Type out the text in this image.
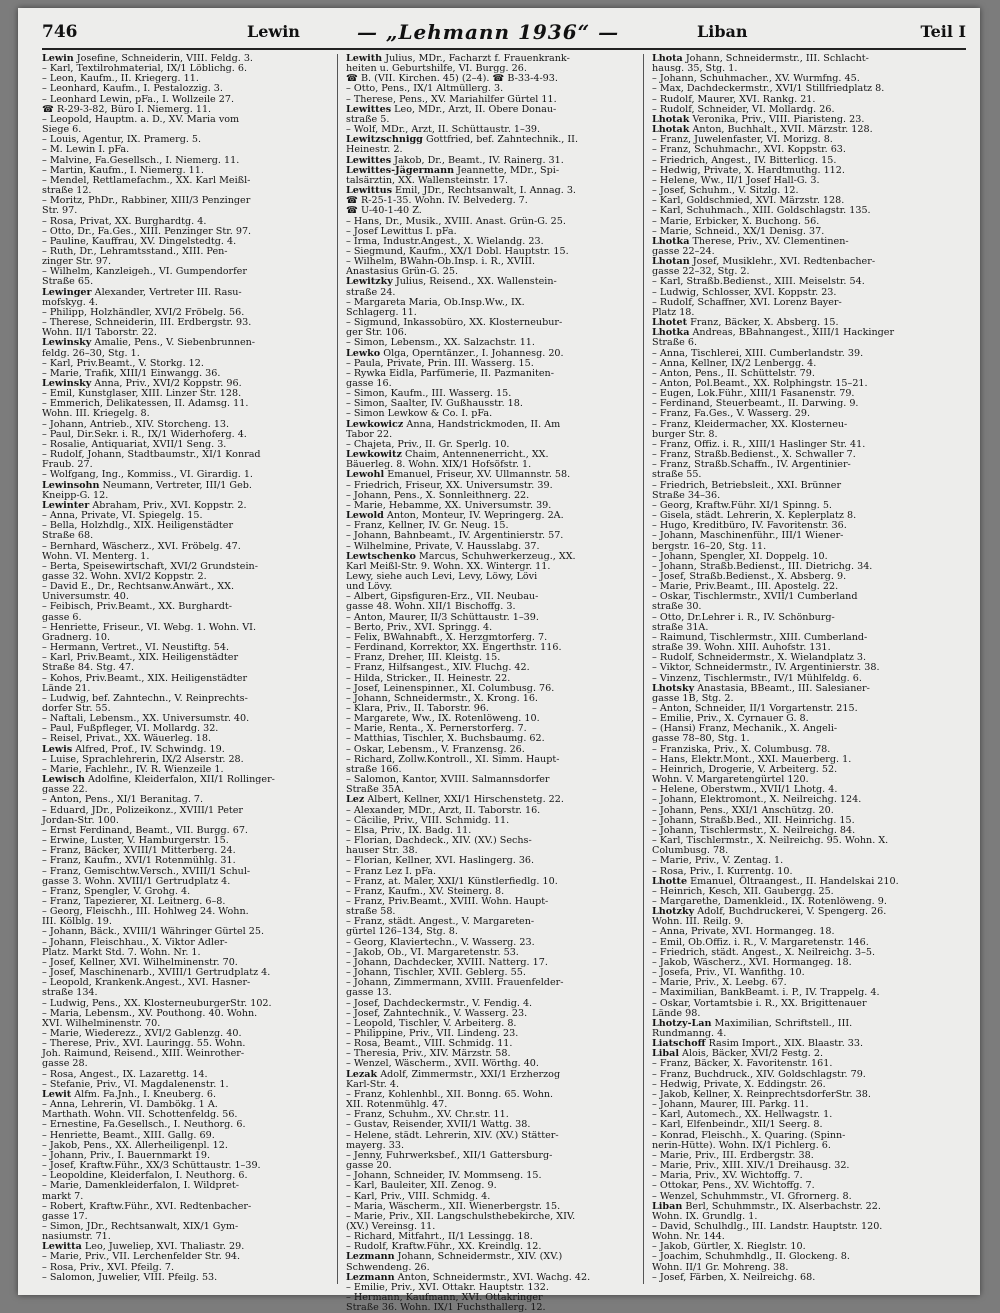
746	Lewin	— „Lehmann 1936“ —	Liban	Teil I
Lewin Josefine, Schneiderin, VIII. Feldg. 3.
– Karl, Textilrohmaterial, IX/1 Löblichg. 6.
– Leon, Kaufm., II. Kriegerg. 11.
– Leonhard, Kaufm., I. Pestalozzig. 3.
– Leonhard Lewin, pFa., I. Wollzeile 27.
☎ R-29-3-82, Büro I. Niemerg. 11.
– Leopold, Hauptm. a. D., XV. Maria vom
Siege 6.
– Louis, Agentur, IX. Pramerg. 5.
– M. Lewin I. pFa.
– Malvine, Fa.Gesellsch., I. Niemerg. 11.
– Martin, Kaufm., I. Niemerg. 11.
– Mendel, Rettlamefachm., XX. Karl Meißl-
straße 12.
– Moritz, PhDr., Rabbiner, XIII/3 Penzinger
Str. 97.
– Rosa, Privat, XX. Burghardtg. 4.
– Otto, Dr., Fa.Ges., XIII. Penzinger Str. 97.
– Pauline, Kauffrau, XV. Dingelstedtg. 4.
– Ruth, Dr., Lehramtsstand., XIII. Pen-
zinger Str. 97.
– Wilhelm, Kanzleigeh., VI. Gumpendorfer
Straße 65.
Lewinger Alexander, Vertreter III. Rasu-
mofskyg. 4.
– Philipp, Holzhändler, XVI/2 Fröbelg. 56.
– Therese, Schneiderin, III. Erdbergstr. 93.
Wohn. II/1 Taborstr. 22.
Lewinsky Amalie, Pens., V. Siebenbrunnen-
feldg. 26–30, Stg. 1.
– Karl, Priv.Beamt., V. Storkg. 12.
– Marie, Trafik, XIII/1 Einwangg. 36.
Lewinsky Anna, Priv., XVI/2 Koppstr. 96.
– Emil, Kunstglaser, XIII. Linzer Str. 128.
– Emmerich, Delikatessen, II. Adamsg. 11.
Wohn. III. Kriegelg. 8.
– Johann, Antrieb., XIV. Storcheng. 13.
– Paul, Dir.Sekr. i. R., IX/1 Widerhoferg. 4.
– Rosalie, Antiquariat, XVII/1 Seng. 3.
– Rudolf, Johann, Stadtbaumstr., XI/1 Konrad
Fraub. 27.
– Wolfgang, Ing., Kommiss., VI. Girardig. 1.
Lewinsohn Neumann, Vertreter, III/1 Geb.
Kneipp-G. 12.
Lewinter Abraham, Priv., XVI. Koppstr. 2.
– Anna, Private, VI. Spiegelg. 15.
– Bella, Holzhdlg., XIX. Heiligenstädter
Straße 68.
– Bernhard, Wäscherz., XVI. Fröbelg. 47.
Wohn. VI. Menterg. 1.
– Berta, Speisewirtschaft, XVI/2 Grundstein-
gasse 32. Wohn. XVI/2 Koppstr. 2.
– David E., Dr., Rechtsanw.Anwärt., XX.
Universumstr. 40.
– Feibisch, Priv.Beamt., XX. Burghardt-
gasse 6.
– Henriette, Friseur., VI. Webg. 1. Wohn. VI.
Gradnerg. 10.
– Hermann, Vertret., VI. Neustiftg. 54.
– Karl, Priv.Beamt., XIX. Heiligenstädter
Straße 84. Stg. 47.
– Kohos, Priv.Beamt., XIX. Heiligenstädter
Lände 21.
– Ludwig, bef. Zahntechn., V. Reinprechts-
dorfer Str. 55.
– Naftali, Lebensm., XX. Universumstr. 40.
– Paul, Fußpfleger, VI. Mollardg. 32.
– Reisel, Privat., XX. Wäuerleg. 18.
Lewis Alfred, Prof., IV. Schwindg. 19.
– Luise, Sprachlehrerin, IX/2 Alserstr. 28.
– Marie, Fachlehr., IV. R. Wienzeile 1.
Lewisch Adolfine, Kleiderfalon, XII/1 Rollinger-
gasse 22.
– Anton, Pens., XI/1 Beranitag. 7.
– Eduard, JDr., Polizeikonz., XVIII/1 Peter
Jordan-Str. 100.
– Ernst Ferdinand, Beamt., VII. Burgg. 67.
– Erwine, Luster, V. Hamburgerstr. 15.
– Franz, Bäcker, XVIII/1 Mitterberg. 24.
– Franz, Kaufm., XVI/1 Rotenmühlg. 31.
– Franz, Gemischtw.Versch., XVIII/1 Schul-
gasse 3. Wohn. XVIII/1 Gertrudplatz 4.
– Franz, Spengler, V. Grohg. 4.
– Franz, Tapezierer, XI. Leitnerg. 6–8.
– Georg, Fleischh., III. Hohlweg 24. Wohn.
III. Kölblg. 19.
– Johann, Bäck., XVIII/1 Währinger Gürtel 25.
– Johann, Fleischhau., X. Viktor Adler-
Platz. Markt Std. 7. Wohn. Nr. 1.
– Josef, Kellner, XVI. Wilhelminenstr. 70.
– Josef, Maschinenarb., XVIII/1 Gertrudplatz 4.
– Leopold, Krankenk.Angest., XVI. Hasner-
straße 134.
– Ludwig, Pens., XX. KlosterneuburgerStr. 102.
– Maria, Lebensm., XV. Pouthong. 40. Wohn.
XVI. Wilhelminenstr. 70.
– Marie, Wiederezz., XVI/2 Gablenzg. 40.
– Therese, Priv., XVI. Lauringg. 55. Wohn.
Joh. Raimund, Reisend., XIII. Weinrother-
gasse 28.
– Rosa, Angest., IX. Lazarettg. 14.
– Stefanie, Priv., VI. Magdalenenstr. 1.
Lewit Alfm. Fa.Jnh., I. Kneuberg. 6.
– Anna, Lehrerin, VI. Dambökg. 1 A.
Marthath. Wohn. VII. Schottenfeldg. 56.
– Ernestine, Fa.Gesellsch., I. Neuthorg. 6.
– Henriette, Beamt., XIII. Gallg. 69.
– Jakob, Pens., XX. Allerheiligenpl. 12.
– Johann, Priv., I. Bauernmarkt 19.
– Josef, Kraftw.Führ., XX/3 Schüttaustr. 1–39.
– Leopoldine, Kleiderfalon, I. Neuthorg. 6.
– Marie, Damenkleiderfalon, I. Wildpret-
markt 7.
– Robert, Kraftw.Führ., XVI. Redtenbacher-
gasse 17.
– Simon, JDr., Rechtsanwalt, XIX/1 Gym-
nasiumstr. 71.
Lewitta Leo, Juweliер, XVI. Thaliastr. 29.
– Marie, Priv., VII. Lerchenfelder Str. 94.
– Rosa, Priv., XVI. Pfeilg. 7.
– Salomon, Juwelier, VIII. Pfeilg. 53.
Lewith Julius, MDr., Facharzt f. Frauenkrank-
heiten u. Geburtshilfe, VI. Burgg. 26.
☎ B. (VII. Kirchen. 45) (2–4). ☎ B-33-4-93.
– Otto, Pens., IX/1 Altmüllerg. 3.
– Therese, Pens., XV. Mariahilfer Gürtel 11.
Lewittes Leo, MDr., Arzt, II. Obere Donau-
straße 5.
– Wolf, MDr., Arzt, II. Schüttaustr. 1–39.
Lewitzschnigg Gottfried, bef. Zahntechnik., II.
Heinestr. 2.
Lewittes Jakob, Dr., Beamt., IV. Rainerg. 31.
Lewittes-Jägermann Jeannette, MDr., Spi-
talsärztin, XX. Wallensteinstr. 17.
Lewittus Emil, JDr., Rechtsanwalt, I. Annag. 3.
☎ R-25-1-35. Wohn. IV. Belvederg. 7.
☎ U-40-1-40 Z.
– Hans, Dr., Musik., XVIII. Anast. Grün-G. 25.
– Josef Lewittus I. pFa.
– Irma, Industr.Angest., X. Wielandg. 23.
– Siegmund, Kaufm., XX/1 Dobl. Hauptstr. 15.
– Wilhelm, BWahn-Ob.Insp. i. R., XVIII.
Anastasius Grün-G. 25.
Lewitzky Julius, Reisend., XX. Wallenstein-
straße 24.
– Margareta Maria, Ob.Insp.Ww., IX.
Schlagerg. 11.
– Sigmund, Inkassobüro, XX. Klosterneubur-
ger Str. 106.
– Simon, Lebensm., XX. Salzachstr. 11.
Lewko Olga, Operntänzer., I. Johannesg. 20.
– Paula, Private, Prin. III. Wasserg. 15.
– Rywka Eidla, Parfümerie, II. Pazmaniten-
gasse 16.
– Simon, Kaufm., III. Wasserg. 15.
– Simon, Saalter, IV. Gußhausstr. 18.
– Simon Lewkow & Co. I. pFa.
Lewkowicz Anna, Handstrickmoden, II. Am
Tabor 22.
– Chajeta, Priv., II. Gr. Sperlg. 10.
Lewkowitz Chaim, Antennenerricht., XX.
Bäuerleg. 8. Wohn. XIX/1 Hofsöfstr. 1.
Lewohl Emanuel, Friseur, XV. Ullmannstr. 58.
– Friedrich, Friseur, XX. Universumstr. 39.
– Johann, Pens., X. Sonnleithnerg. 22.
– Marie, Hebamme, XX. Universumstr. 39.
Lewold Anton, Monteur, IV. Wepringerg. 2A.
– Franz, Kellner, IV. Gr. Neug. 15.
– Johann, Bahnbeamt., IV. Argentinierstr. 57.
– Wilhelmine, Private, V. Hausslabg. 37.
Lewtschenko Marcus, Schuhwerkerzeug., XX.
Karl Meißl-Str. 9. Wohn. XX. Wintergr. 11.
Lewy, siehe auch Levi, Levy, Löwy, Lövi
und Lövy.
– Albert, Gipsfiguren-Erz., VII. Neubau-
gasse 48. Wohn. XII/1 Bischoffg. 3.
– Anton, Maurer, II/3 Schüttaustr. 1–39.
– Berto, Priv., XVI. Springg. 4.
– Felix, BWahnabft., X. Herzgmtorferg. 7.
– Ferdinand, Korrektor, XX. Engerthstr. 116.
– Franz, Dreher, III. Kleistg. 15.
– Franz, Hilfsangest., XIV. Fluchg. 42.
– Hilda, Stricker., II. Heinestr. 22.
– Josef, Leinenspinner., XI. Columbusg. 76.
– Johann, Schneidermstr., X. Krong. 16.
– Klara, Priv., II. Taborstr. 96.
– Margarete, Ww., IX. Rotenlöweng. 10.
– Marie, Renta., X. Pernerstorferg. 7.
– Matthias, Tischler, X. Buchsbaumg. 62.
– Oskar, Lebensm., V. Franzensg. 26.
– Richard, Zollw.Kontroll., XI. Simm. Haupt-
straße 166.
– Salomon, Kantor, XVIII. Salmannsdorfer
Straße 35A.
Lez Albert, Kellner, XXI/1 Hirschenstetg. 22.
– Alexander, MDr., Arzt, II. Taborstr. 16.
– Cäcilie, Priv., VIII. Schmidg. 11.
– Elsa, Priv., IX. Badg. 11.
– Florian, Dachdeck., XIV. (XV.) Sechs-
hauser Str. 38.
– Florian, Kellner, XVI. Haslingerg. 36.
– Franz Lez I. pFa.
– Franz, at. Maler, XXI/1 Künstlerfiedlg. 10.
– Franz, Kaufm., XV. Steinerg. 8.
– Franz, Priv.Beamt., XVIII. Wohn. Haupt-
straße 58.
– Franz, städt. Angest., V. Margareten-
gürtel 126–134, Stg. 8.
– Georg, Klaviertechn., V. Wasserg. 23.
– Jakob, Ob., VI. Margaretenstr. 53.
– Johann, Dachdecker, XVIII. Natterg. 17.
– Johann, Tischler, XVII. Geblerg. 55.
– Johann, Zimmermann, XVIII. Frauenfelder-
gasse 13.
– Josef, Dachdeckermstr., V. Fendig. 4.
– Josef, Zahntechnik., V. Wasserg. 23.
– Leopold, Tischler, V. Arbeiterg. 8.
– Philippine, Priv., VII. Lindeng. 23.
– Rosa, Beamt., VIII. Schmidg. 11.
– Theresia, Priv., XIV. Märzstr. 58.
– Wenzel, Wäscherm., XVII. Wörthg. 40.
Lezak Adolf, Zimmermstr., XXI/1 Erzherzog
Karl-Str. 4.
– Franz, Kohlenhbl., XII. Bonng. 65. Wohn.
XII. Rotenmühlg. 47.
– Franz, Schuhm., XV. Chr.str. 11.
– Gustav, Reisender, XVII/1 Wattg. 38.
– Helene, städt. Lehrerin, XIV. (XV.) Stätter-
mayerg. 33.
– Jenny, Fuhrwerksbef., XII/1 Gattersburg-
gasse 20.
– Johann, Schneider, IV. Mommseng. 15.
– Karl, Bauleiter, XII. Zenog. 9.
– Karl, Priv., VIII. Schmidg. 4.
– Maria, Wäscherm., XII. Wienerbergstr. 15.
– Marie, Priv., XII. Langschulsthebekirche, XIV.
(XV.) Vereinsg. 11.
– Richard, Mitfahrt., II/1 Lessingg. 18.
– Rudolf, Kraftw.Führ., XX. Kreindlg. 12.
Lezmann Johann, Schneidermstr., XIV. (XV.)
Schwendeng. 26.
Lezmann Anton, Schneidermstr., XVI. Wachg. 42.
– Emilie, Priv., XVI. Ottakr. Hauptstr. 132.
– Hermann, Kaufmann, XVI. Ottakringer
Straße 36. Wohn. IX/1 Fuchsthallerg. 12.
Lhota Johann, Schneidermstr., III. Schlacht-
hausg. 35, Stg. 1.
– Johann, Schuhmacher., XV. Wurmfng. 45.
– Max, Dachdeckermstr., XVI/1 Stillfriedplatz 8.
– Rudolf, Maurer, XVI. Rankg. 21.
– Rudolf, Schneider, VI. Mollardg. 26.
Lhotak Veronika, Priv., VIII. Piaristeng. 23.
Lhotak Anton, Buchhalt., XVII. Märzstr. 128.
– Franz, Juwelenfaster, VI. Morizg. 8.
– Franz, Schuhmachr., XVI. Koppstr. 63.
– Friedrich, Angest., IV. Bitterlicg. 15.
– Hedwig, Private, X. Hardtmuthg. 112.
– Helene, Ww., II/1 Josef Hall-G. 3.
– Josef, Schuhm., V. Sitzlg. 12.
– Karl, Goldschmied, XVI. Märzstr. 128.
– Karl, Schuhmach., XIII. Goldschlagstr. 135.
– Marie, Erbicker, X. Buchong. 56.
– Marie, Schneid., XX/1 Denisg. 37.
Lhotka Therese, Priv., XV. Clementinen-
gasse 22–24.
Lhotan Josef, Musiklehr., XVI. Redtenbacher-
gasse 22–32, Stg. 2.
– Karl, Straßb.Bedienst., XIII. Meiselstr. 54.
– Ludwig, Schlosser, XVI. Koppstr. 23.
– Rudolf, Schaffner, XVI. Lorenz Bayer-
Platz 18.
Lhotet Franz, Bäcker, X. Absberg. 15.
Lhotka Andreas, BBahnangest., XIII/1 Hackinger
Straße 6.
– Anna, Tischlerei, XIII. Cumberlandstr. 39.
– Anna, Kellner, IX/2 Lenbergg. 4.
– Anton, Pens., II. Schüttelstr. 79.
– Anton, Pol.Beamt., XX. Rolphingstr. 15–21.
– Eugen, Lok.Führ., XIII/1 Fasanenstr. 79.
– Ferdinand, Steuerbeamt., II. Darwing. 9.
– Franz, Fa.Ges., V. Wasserg. 29.
– Franz, Kleidermacher, XX. Klosterneu-
burger Str. 8.
– Franz, Offiz. i. R., XIII/1 Haslinger Str. 41.
– Franz, Straßb.Bedienst., X. Schwaller 7.
– Franz, Straßb.Schaffn., IV. Argentinier-
straße 55.
– Friedrich, Betriebsleit., XXI. Brünner
Straße 34–36.
– Georg, Kraftw.Führ. XI/1 Spinng. 5.
– Gisela, städt. Lehrerin, X. Keplerplatz 8.
– Hugo, Kreditbüro, IV. Favoritenstr. 36.
– Johann, Maschinenführ., III/1 Wiener-
bergstr. 16–20, Stg. 11.
– Johann, Spengler, XI. Doppelg. 10.
– Johann, Straßb.Bedienst., III. Dietrichg. 34.
– Josef, Straßb.Bedienst., X. Absberg. 9.
– Marie, Priv.Beamt., III. Apostelg. 22.
– Oskar, Tischlermstr., XVII/1 Cumberland
straße 30.
– Otto, Dr.Lehrer i. R., IV. Schönburg-
straße 31A.
– Raimund, Tischlermstr., XIII. Cumberland-
straße 39. Wohn. XIII. Auhofstr. 131.
– Rudolf, Schneidermstr., X. Wielandplatz 3.
– Viktor, Schneidermstr., IV. Argentinierstr. 38.
– Vinzenz, Tischlermstr., IV/1 Mühlfeldg. 6.
Lhotsky Anastasia, BBeamt., III. Salesianer-
gasse 1B, Stg. 2.
– Anton, Schneider, II/1 Vorgartenstr. 215.
– Emilie, Priv., X. Cyrnauer G. 8.
– (Hansi) Franz, Mechanik., X. Angeli-
gasse 78–80, Stg. 1.
– Franziska, Priv., X. Columbusg. 78.
– Hans, Elektr.Mont., XXI. Mauerberg. 1.
– Heinrich, Drogerie, V. Arbeiterg. 52.
Wohn. V. Margaretengürtel 120.
– Helene, Oberstwm., XVII/1 Lhotg. 4.
– Johann, Elektromont., X. Neilreichg. 124.
– Johann, Pens., XXI/1 Anschützg. 20.
– Johann, Straßb.Bed., XII. Heinrichg. 15.
– Johann, Tischlermstr., X. Neilreichg. 84.
– Karl, Tischlermstr., X. Neilreichg. 95. Wohn. X.
Columbusg. 78.
– Marie, Priv., V. Zentag. 1.
– Rosa, Priv., I. Kurrentg. 10.
Lhotte Emanuel, Öltraangest., II. Handelskai 210.
– Heinrich, Kesch, XII. Gaubergg. 25.
– Margarethe, Damenkleid., IX. Rotenlöweng. 9.
Lhotzky Adolf, Buchdruckerei, V. Spengerg. 26.
Wohn. III. Reilg. 9.
– Anna, Private, XVI. Hormangeg. 18.
– Emil, Ob.Offiz. i. R., V. Margaretenstr. 146.
– Friedrich, städt. Angest., X. Neilreichg. 3–5.
– Jakob, Wäscherz., XVI. Hormangeg. 18.
– Josefa, Priv., VI. Wanfithg. 10.
– Marie, Priv., X. Leebg. 67.
– Maximilian, BankBeamt. i. P., IV. Trappelg. 4.
– Oskar, Vortamtsbie i. R., XX. Brigittenauer
Lände 98.
Lhotzy-Lan Maximilian, Schriftstell., III.
Rundmanng. 4.
Liatschoff Rasim Import., XIX. Blaastr. 33.
Libal Alois, Bäcker, XVI/2 Festg. 2.
– Franz, Bäcker, X. Favoritenstr. 161.
– Franz, Buchdruck., XIV. Goldschlagstr. 79.
– Hedwig, Private, X. Eddingstr. 26.
– Jakob, Kellner, X. ReinprechtsdorferStr. 38.
– Johann, Maurer, III. Parkg. 11.
– Karl, Automech., XX. Hellwagstr. 1.
– Karl, Elfenbeindr., XII/1 Seerg. 8.
– Konrad, Fleischh., X. Quaring. (Spinn-
nerin-Hütte). Wohn. IX/1 Pichlerg. 6.
– Marie, Priv., III. Erdbergstr. 38.
– Marie, Priv., XIII. XIV./1 Dreihausg. 32.
– Maria, Priv., XV. Wichtoffg. 7.
– Ottokar, Pens., XV. Wichtoffg. 7.
– Wenzel, Schuhmmstr., VI. Gfrornerg. 8.
Liban Berl, Schuhmmstr., IX. Alserbachstr. 22.
Wohn. IX. Grundlg. 1.
– David, Schulhdlg., III. Landstr. Hauptstr. 120.
Wohn. Nr. 144.
– Jakob, Gürtler, X. Rieglstr. 10.
– Joachim, Schuhmhdlg., II. Glockeng. 8.
Wohn. II/1 Gr. Mohreng. 38.
– Josef, Färben, X. Neilreichg. 68.
